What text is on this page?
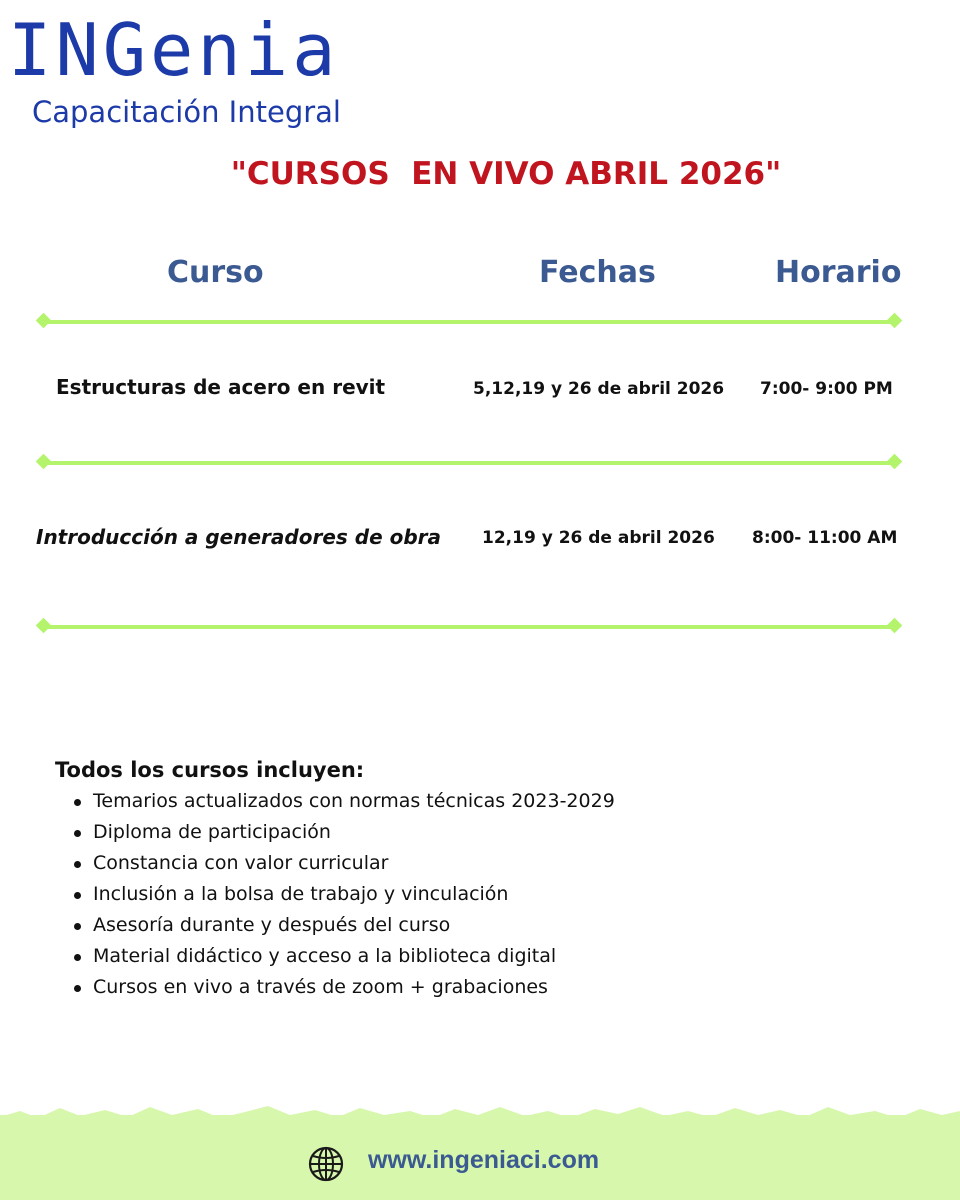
INGenia
Capacitación Integral
"CURSOS  EN VIVO ABRIL 2026"
Curso	Fechas	Horario
Estructuras de acero en revit	5,12,19 y 26 de abril 2026 7:00- 9:00 PM
Introducción a generadores de obra 12,19 y 26 de abril 2026 8:00- 11:00 AM
Todos los cursos incluyen:
Temarios actualizados con normas técnicas 2023-2029
Diploma de participación
Constancia con valor curricular
Inclusión a la bolsa de trabajo y vinculación
Asesoría durante y después del curso
Material didáctico y acceso a la biblioteca digital
Cursos en vivo a través de zoom + grabaciones
www.ingeniaci.com
